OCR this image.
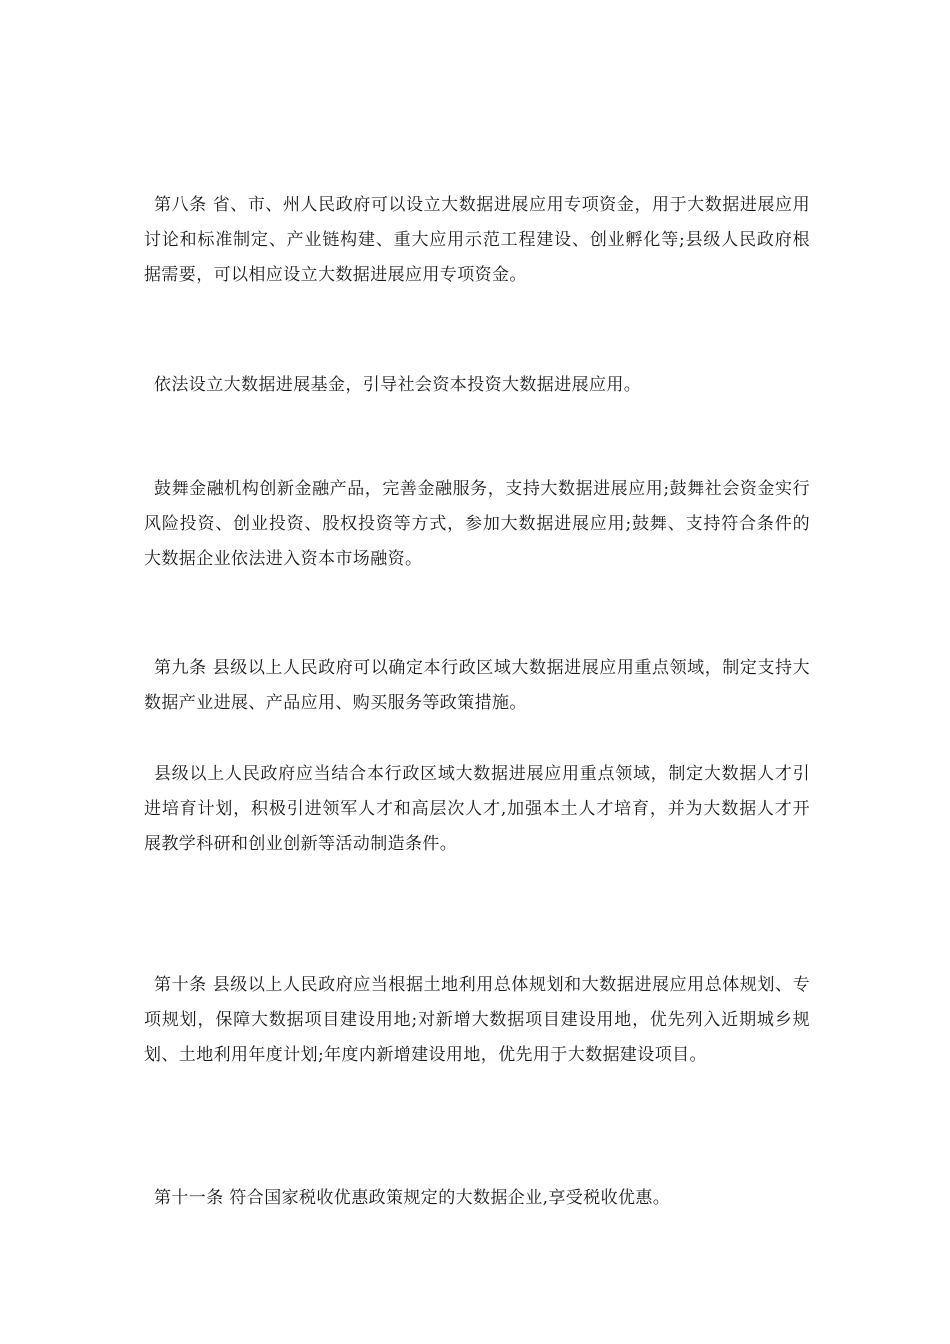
第八条 省、市、州人民政府可以设立大数据进展应用专项资金，用于大数据进展应用讨论和标准制定、产业链构建、重大应用示范工程建设、创业孵化等;县级人民政府根据需要，可以相应设立大数据进展应用专项资金。

依法设立大数据进展基金，引导社会资本投资大数据进展应用。

鼓舞金融机构创新金融产品，完善金融服务，支持大数据进展应用;鼓舞社会资金实行风险投资、创业投资、股权投资等方式，参加大数据进展应用;鼓舞、支持符合条件的大数据企业依法进入资本市场融资。

第九条 县级以上人民政府可以确定本行政区域大数据进展应用重点领域，制定支持大数据产业进展、产品应用、购买服务等政策措施。

县级以上人民政府应当结合本行政区域大数据进展应用重点领域，制定大数据人才引进培育计划，积极引进领军人才和高层次人才,加强本土人才培育，并为大数据人才开展教学科研和创业创新等活动制造条件。

第十条 县级以上人民政府应当根据土地利用总体规划和大数据进展应用总体规划、专项规划，保障大数据项目建设用地;对新增大数据项目建设用地，优先列入近期城乡规划、土地利用年度计划;年度内新增建设用地，优先用于大数据建设项目。

第十一条 符合国家税收优惠政策规定的大数据企业,享受税收优惠。
